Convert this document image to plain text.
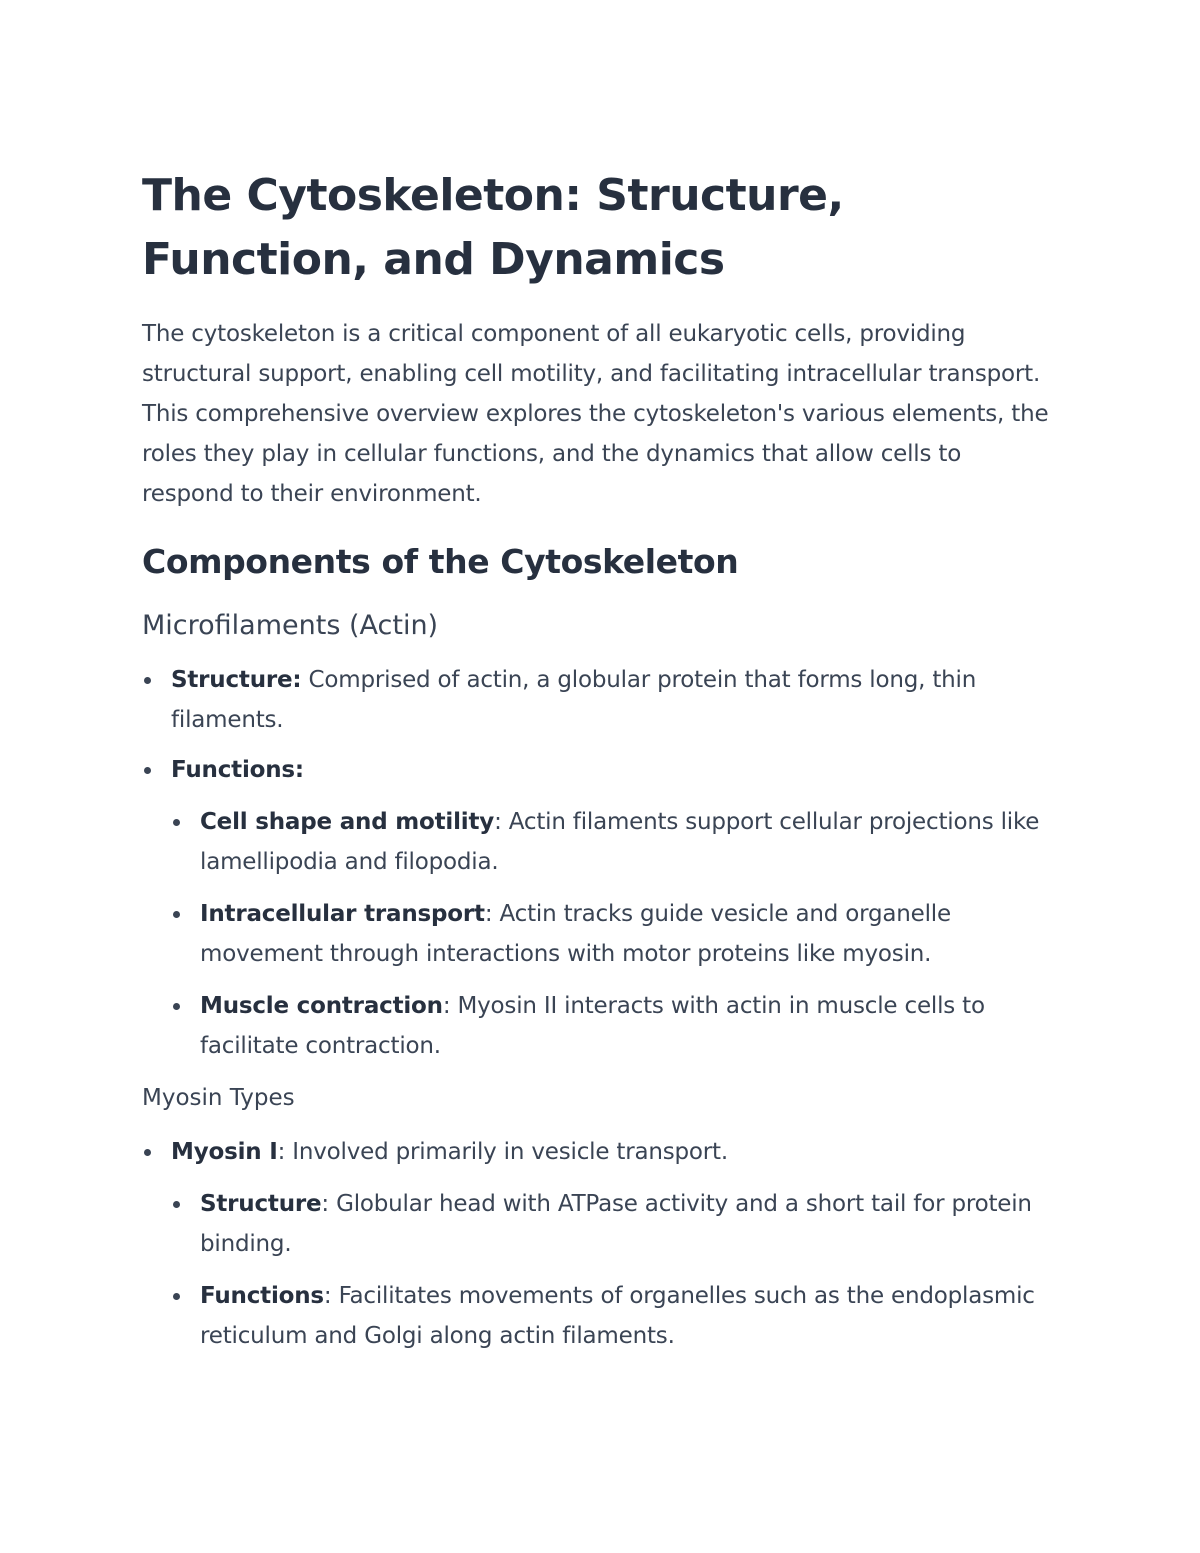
The Cytoskeleton: Structure, Function, and Dynamics

The cytoskeleton is a critical component of all eukaryotic cells, providing structural support, enabling cell motility, and facilitating intracellular transport. This comprehensive overview explores the cytoskeleton's various elements, the roles they play in cellular functions, and the dynamics that allow cells to respond to their environment.

Components of the Cytoskeleton
Microfilaments (Actin)
Structure: Comprised of actin, a globular protein that forms long, thin filaments.
Functions:
Cell shape and motility: Actin filaments support cellular projections like lamellipodia and filopodia.
Intracellular transport: Actin tracks guide vesicle and organelle movement through interactions with motor proteins like myosin.
Muscle contraction: Myosin II interacts with actin in muscle cells to facilitate contraction.
Myosin Types
Myosin I: Involved primarily in vesicle transport.
Structure: Globular head with ATPase activity and a short tail for protein binding.
Functions: Facilitates movements of organelles such as the endoplasmic reticulum and Golgi along actin filaments.
